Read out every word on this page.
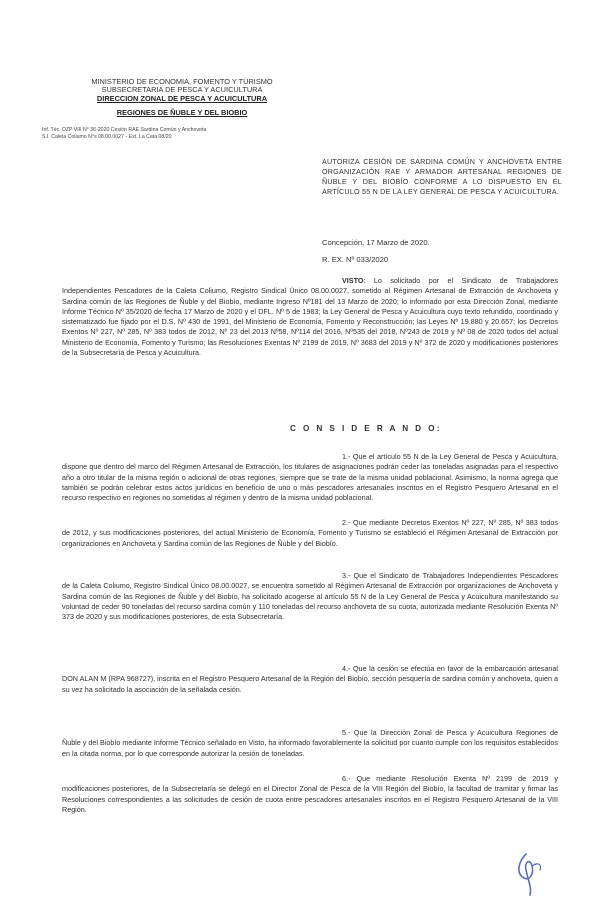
MINISTERIO DE ECONOMIA, FOMENTO Y TURISMO
SUBSECRETARIA DE PESCA Y ACUICULTURA
DIRECCION ZONAL DE PESCA Y ACUICULTURA
REGIONES DE ÑUBLE Y DEL BIOBIO
Inf. Téc. DZP VIII N° 36-2020 Cesión RAE Sardina Común y Anchoveta
S.I. Caleta Coliumo N°s 08.00.0027 - Ext. La Cata 08/20
AUTORIZA CESIÓN DE SARDINA COMÚN Y ANCHOVETA ENTRE ORGANIZACIÓN RAE Y ARMADOR ARTESANAL REGIONES DE ÑUBLE Y DEL BIOBÍO CONFORME A LO DISPUESTO EN EL ARTÍCULO 55 N DE LA LEY GENERAL DE PESCA Y ACUICULTURA.
Concepción, 17 Marzo de 2020.
R. EX. Nº 033/2020
VISTO: Lo solicitado por el Sindicato de Trabajadores Independientes Pescadores de la Caleta Coliumo, Registro Sindical Único 08.00.0027, sometido al Régimen Artesanal de Extracción de Anchoveta y Sardina común de las Regiones de Ñuble y del Biobío, mediante Ingreso Nº181 del 13 Marzo de 2020; lo informado por esta Dirección Zonal, mediante Informe Técnico Nº 35/2020 de fecha 17 Marzo de 2020 y el DFL. Nº 5 de 1983; la Ley General de Pesca y Acuicultura cuyo texto refundido, coordinado y sistematizado fue fijado por el D.S. Nº 430 de 1991, del Ministerio de Economía, Fomento y Reconstrucción; las Leyes Nº 19.880 y 20.657; los Decretos Exentos Nº 227, Nº 285, Nº 383 todos de 2012, Nº 23 del 2013 Nº58, Nº114 del 2016, Nº535 del 2018, Nº243 de 2019 y Nº 08 de 2020 todos del actual Ministerio de Economía, Fomento y Turismo; las Resoluciones Exentas Nº 2199 de 2019, Nº 3683 del 2019 y Nº 372 de 2020 y modificaciones posteriores de la Subsecretaría de Pesca y Acuicultura.
C O N S I D E R A N D O:
1.- Que el artículo 55 N de la Ley General de Pesca y Acuicultura, dispone que dentro del marco del Régimen Artesanal de Extracción, los titulares de asignaciones podrán ceder las toneladas asignadas para el respectivo año a otro titular de la misma región o adicional de otras regiones, siempre que se trate de la misma unidad poblacional. Asimismo, la norma agrega que también se podrán celebrar estos actos jurídicos en beneficio de uno o más pescadores artesanales inscritos en el Registro Pesquero Artesanal en el recurso respectivo en regiones no sometidas al régimen y dentro de la misma unidad poblacional.
2.- Que mediante Decretos Exentos Nº 227, Nº 285, Nº 383 todos de 2012, y sus modificaciones posteriores, del actual Ministerio de Economía, Fomento y Turismo se estableció el Régimen Artesanal de Extracción por organizaciones en Anchoveta y Sardina común de las Regiones de Ñuble y del Biobío.
3.- Que el Sindicato de Trabajadores Independientes Pescadores de la Caleta Coliumo, Registro Sindical Único 08.00.0027, se encuentra sometido al Régimen Artesanal de Extracción por organizaciones de Anchoveta y Sardina común de las Regiones de Ñuble y del Biobío, ha solicitado acogerse al artículo 55 N de la Ley General de Pesca y Acuicultura manifestando su voluntad de ceder 90 toneladas del recurso sardina común y 110 toneladas del recurso anchoveta de su cuota, autorizada mediante Resolución Exenta Nº 373 de 2020 y sus modificaciones posteriores, de esta Subsecretaría.
4.- Que la cesión se efectúa en favor de la embarcación artesanal DON ALAN M (RPA 968727), inscrita en el Registro Pesquero Artesanal de la Región del Biobío, sección pesquería de sardina común y anchoveta, quien a su vez ha solicitado la asociación de la señalada cesión.
5.- Que la Dirección Zonal de Pesca y Acuicultura Regiones de Ñuble y del Biobío mediante Informe Técnico señalado en Visto, ha informado favorablemente la solicitud por cuanto cumple con los requisitos establecidos en la citada norma, por lo que corresponde autorizar la cesión de toneladas.
6.- Que mediante Resolución Exenta Nº 2199 de 2019 y modificaciones posteriores, de la Subsecretaría se delegó en el Director Zonal de Pesca de la VIII Región del Biobío, la facultad de tramitar y firmar las Resoluciones correspondientes a las solicitudes de cesión de cuota entre pescadores artesanales inscritos en el Registro Pesquero Artesanal de la VIII Región.
